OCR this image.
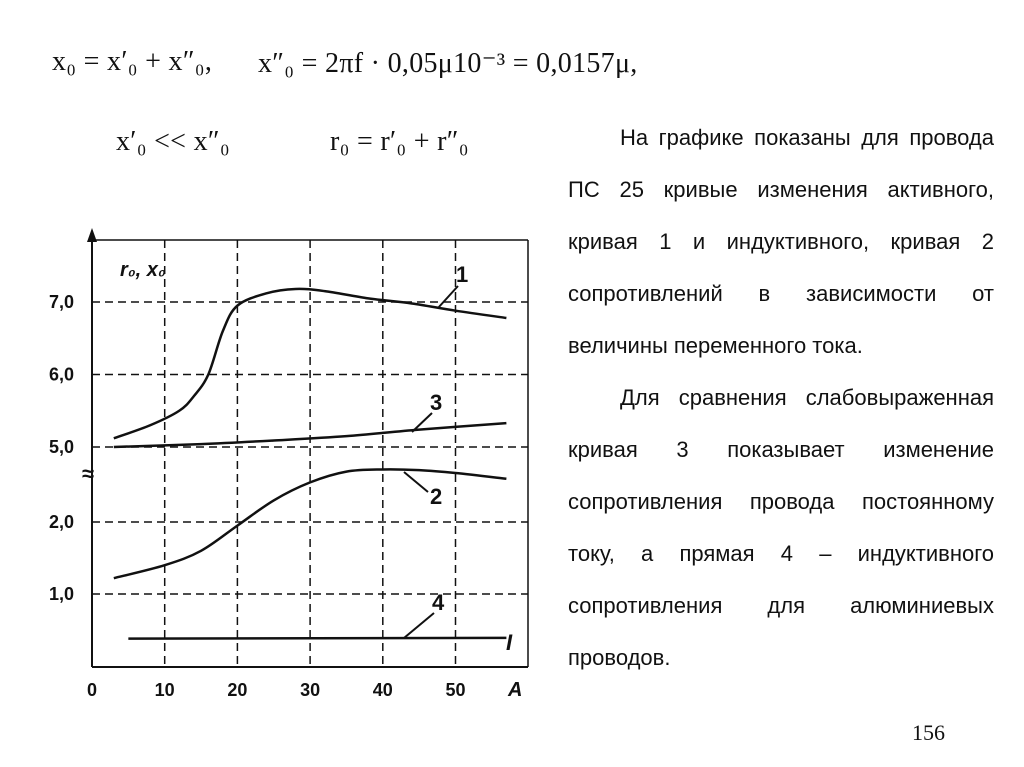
x₀ = x′₀ + x″₀, x″₀ = 2πf · 0,05μ10⁻³ = 0,0157μ,
x′₀ << x″₀	r₀ = r′₀ + r″₀
0	10	20	30	40	50
5,0
6,0
7,0
1,0
2,0
1
3
2
4
r₀, x₀
A
I
≈

На графике показаны для провода ПС 25 кривые изменения активного, кривая 1 и индуктивного, кривая 2 сопротивлений в зависимости от величины переменного тока.

Для сравнения слабовыраженная кривая 3 показывает изменение сопротивления провода постоянному току, а прямая 4 – индуктивного сопротивления для алюминиевых проводов.

156
